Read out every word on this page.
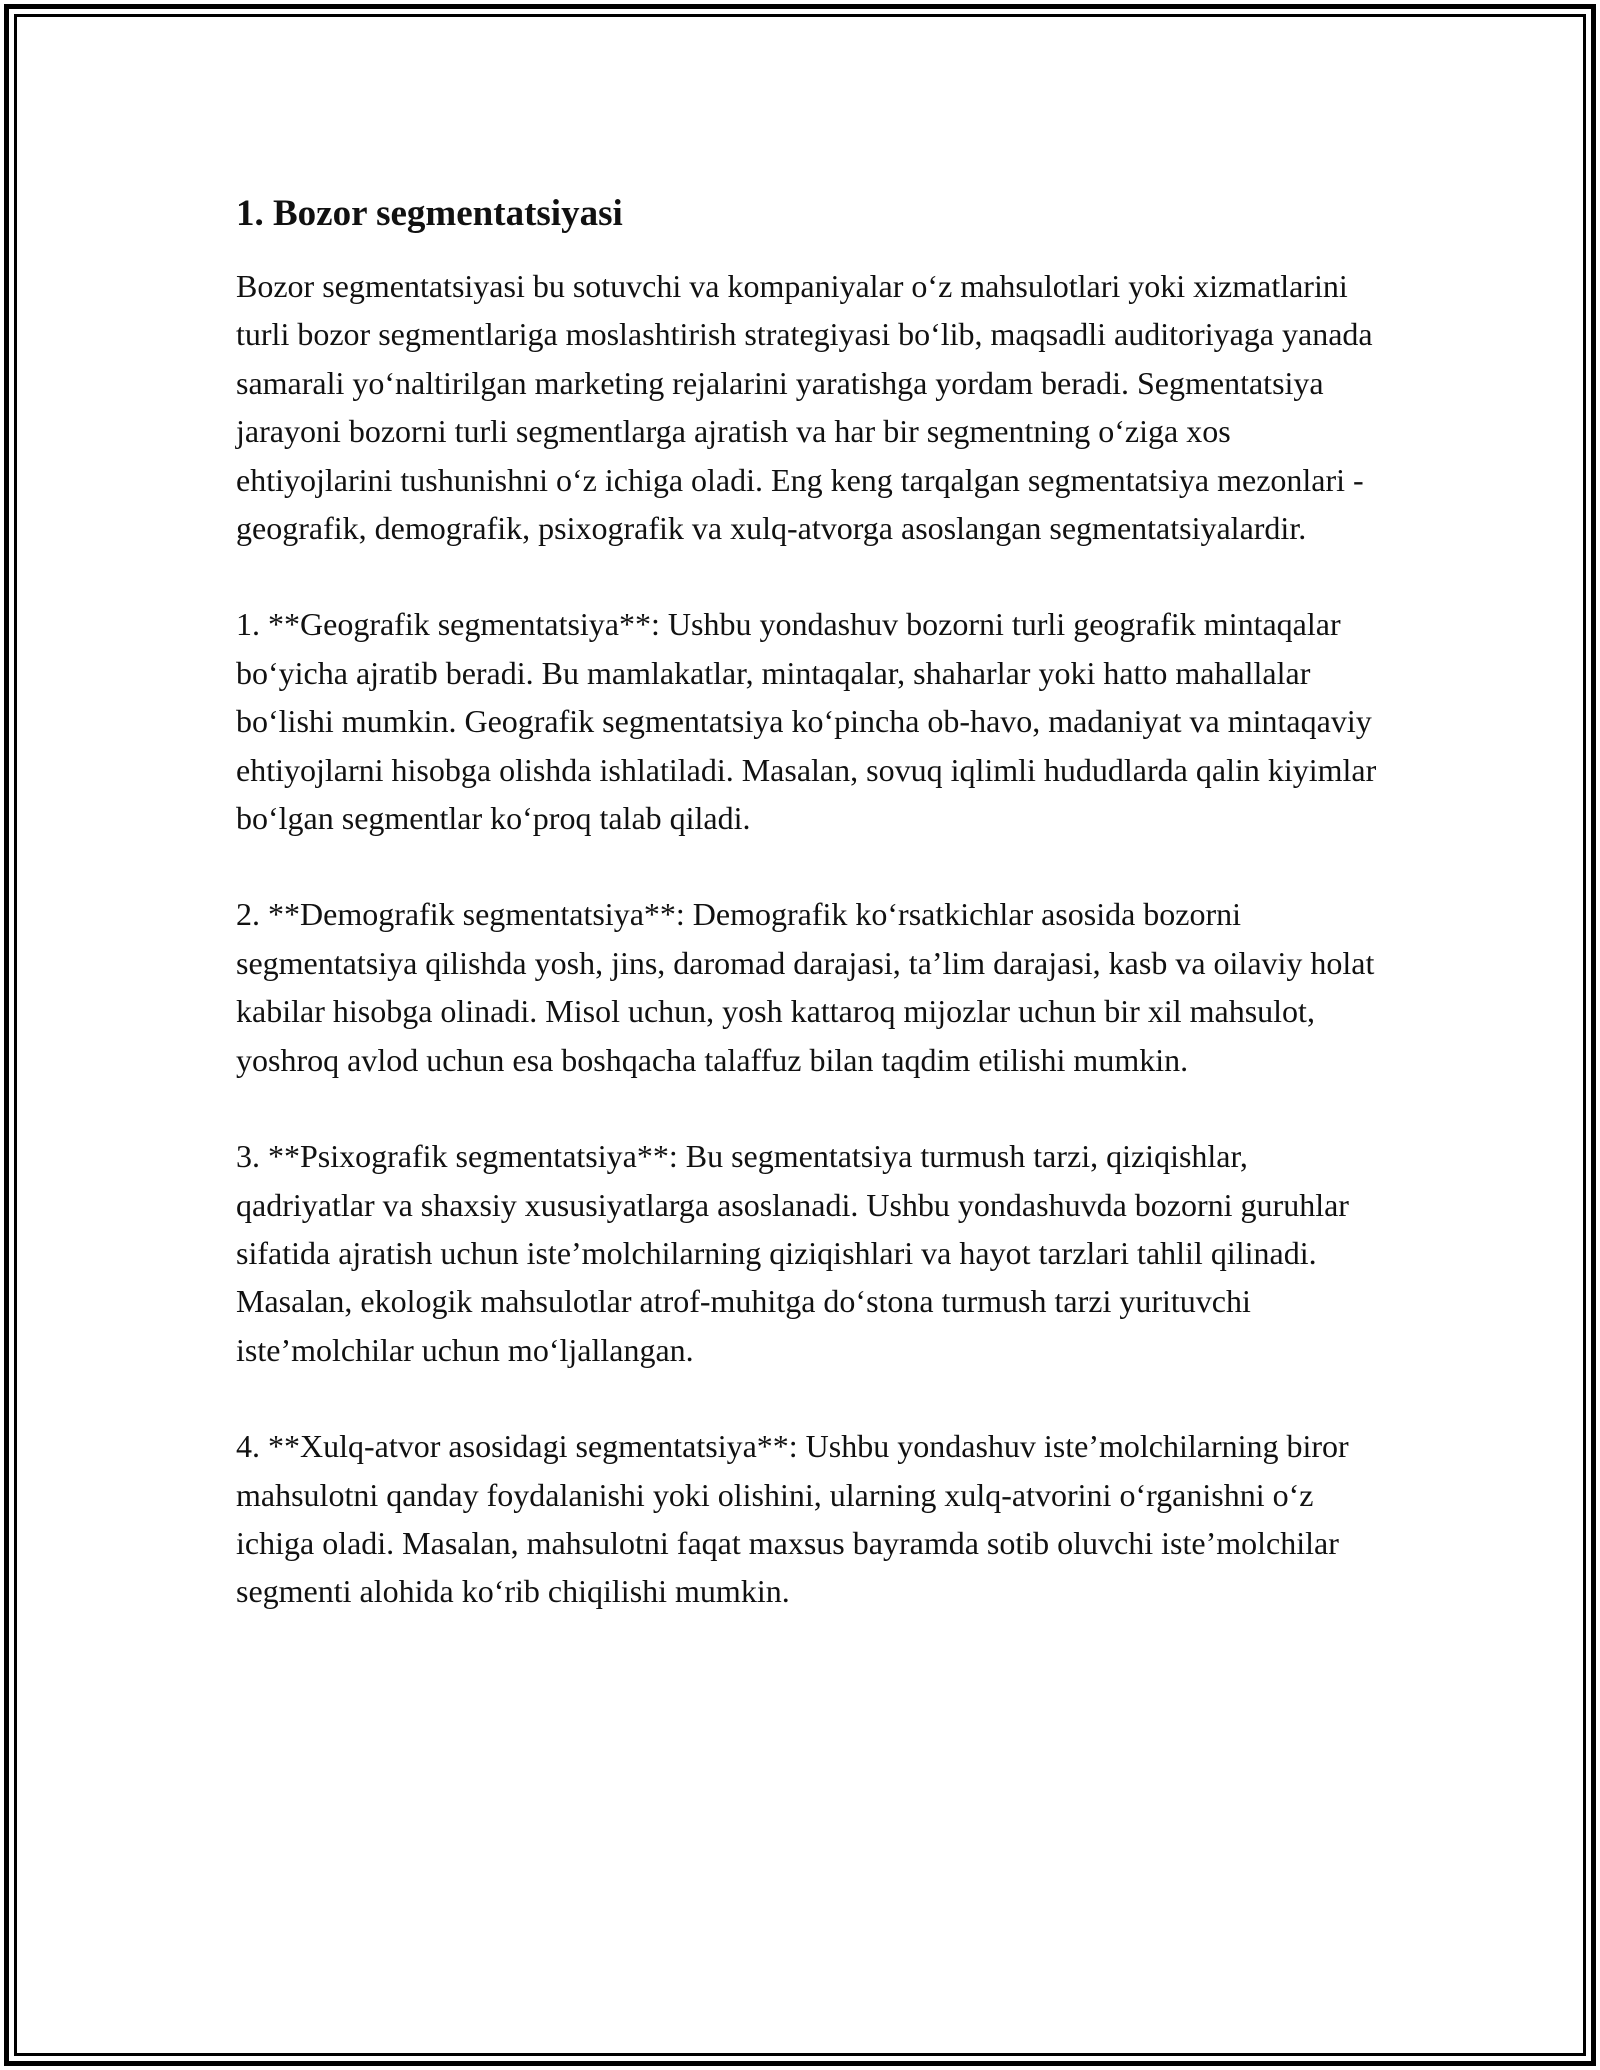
1. Bozor segmentatsiyasi

Bozor segmentatsiyasi bu sotuvchi va kompaniyalar o‘z mahsulotlari yoki xizmatlarini turli bozor segmentlariga moslashtirish strategiyasi bo‘lib, maqsadli auditoriyaga yanada samarali yo‘naltirilgan marketing rejalarini yaratishga yordam beradi. Segmentatsiya jarayoni bozorni turli segmentlarga ajratish va har bir segmentning o‘ziga xos ehtiyojlarini tushunishni o‘z ichiga oladi. Eng keng tarqalgan segmentatsiya mezonlari - geografik, demografik, psixografik va xulq-atvorga asoslangan segmentatsiyalardir.

1. **Geografik segmentatsiya**: Ushbu yondashuv bozorni turli geografik mintaqalar bo‘yicha ajratib beradi. Bu mamlakatlar, mintaqalar, shaharlar yoki hatto mahallalar bo‘lishi mumkin. Geografik segmentatsiya ko‘pincha ob-havo, madaniyat va mintaqaviy ehtiyojlarni hisobga olishda ishlatiladi. Masalan, sovuq iqlimli hududlarda qalin kiyimlar bo‘lgan segmentlar ko‘proq talab qiladi.

2. **Demografik segmentatsiya**: Demografik ko‘rsatkichlar asosida bozorni segmentatsiya qilishda yosh, jins, daromad darajasi, ta’lim darajasi, kasb va oilaviy holat kabilar hisobga olinadi. Misol uchun, yosh kattaroq mijozlar uchun bir xil mahsulot, yoshroq avlod uchun esa boshqacha talaffuz bilan taqdim etilishi mumkin.

3. **Psixografik segmentatsiya**: Bu segmentatsiya turmush tarzi, qiziqishlar, qadriyatlar va shaxsiy xususiyatlarga asoslanadi. Ushbu yondashuvda bozorni guruhlar sifatida ajratish uchun iste’molchilarning qiziqishlari va hayot tarzlari tahlil qilinadi. Masalan, ekologik mahsulotlar atrof-muhitga do‘stona turmush tarzi yurituvchi iste’molchilar uchun mo‘ljallangan.

4. **Xulq-atvor asosidagi segmentatsiya**: Ushbu yondashuv iste’molchilarning biror mahsulotni qanday foydalanishi yoki olishini, ularning xulq-atvorini o‘rganishni o‘z ichiga oladi. Masalan, mahsulotni faqat maxsus bayramda sotib oluvchi iste’molchilar segmenti alohida ko‘rib chiqilishi mumkin.
